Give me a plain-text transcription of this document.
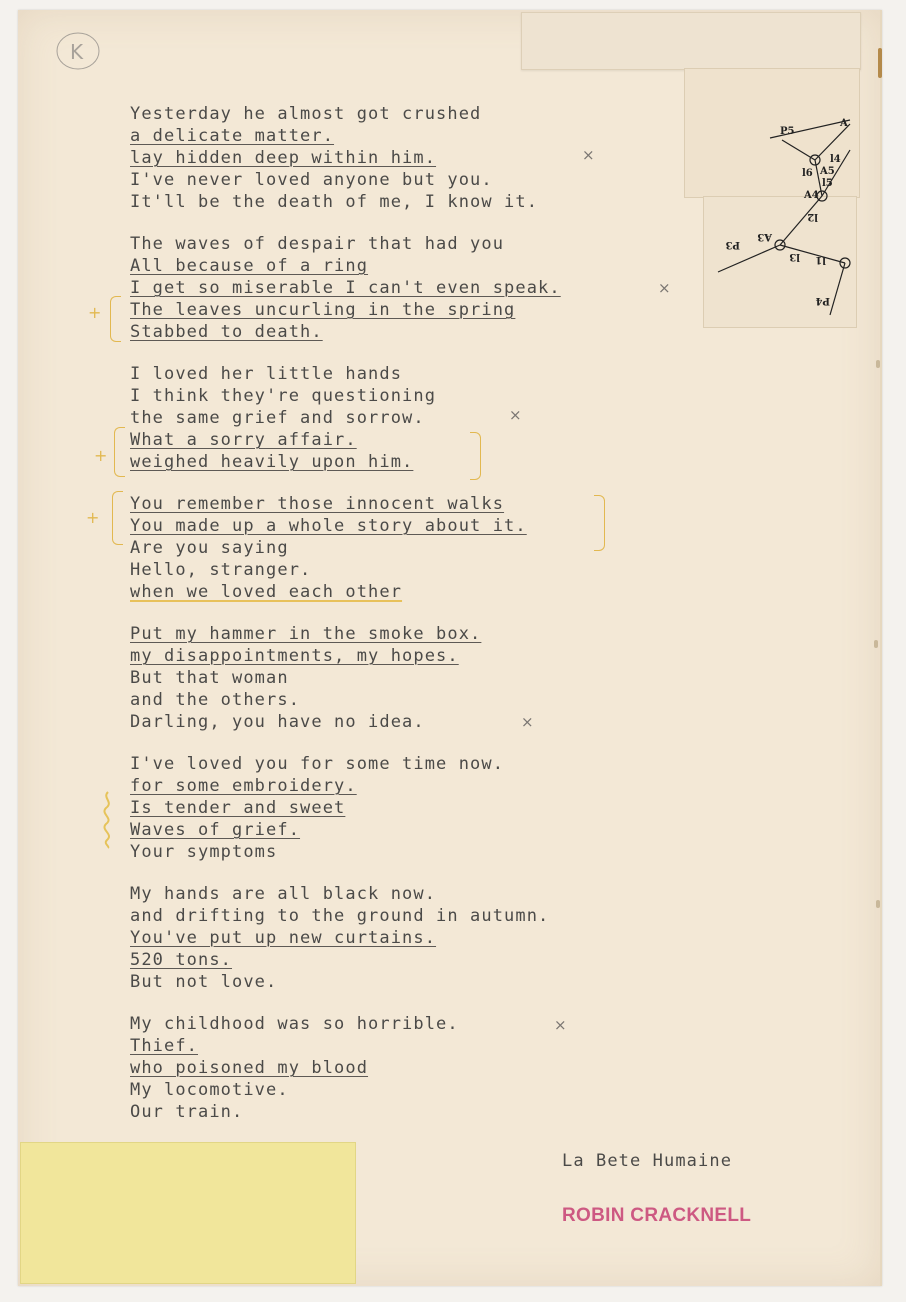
A
P5
l4
l6 A5
l5
A4
l2
P3
A3
l3 l1
P4
K
Yesterday he almost got crushed
a delicate matter.
lay hidden deep within him.
I've never loved anyone but you.
It'll be the death of me, I know it.
The waves of despair that had you
All because of a ring
I get so miserable I can't even speak.
The leaves uncurling in the spring
Stabbed to death.
I loved her little hands
I think they're questioning
the same grief and sorrow.
What a sorry affair.
weighed heavily upon him.
You remember those innocent walks
You made up a whole story about it.
Are you saying
Hello, stranger.
when we loved each other
Put my hammer in the smoke box.
my disappointments, my hopes.
But that woman
and the others.
Darling, you have no idea.
I've loved you for some time now.
for some embroidery.
Is tender and sweet
Waves of grief.
Your symptoms
My hands are all black now.
and drifting to the ground in autumn.
You've put up new curtains.
520 tons.
But not love.
My childhood was so horrible.
Thief.
who poisoned my blood
My locomotive.
Our train.
×
×
×
×
×
+
+
+
La Bete Humaine
ROBIN CRACKNELL
